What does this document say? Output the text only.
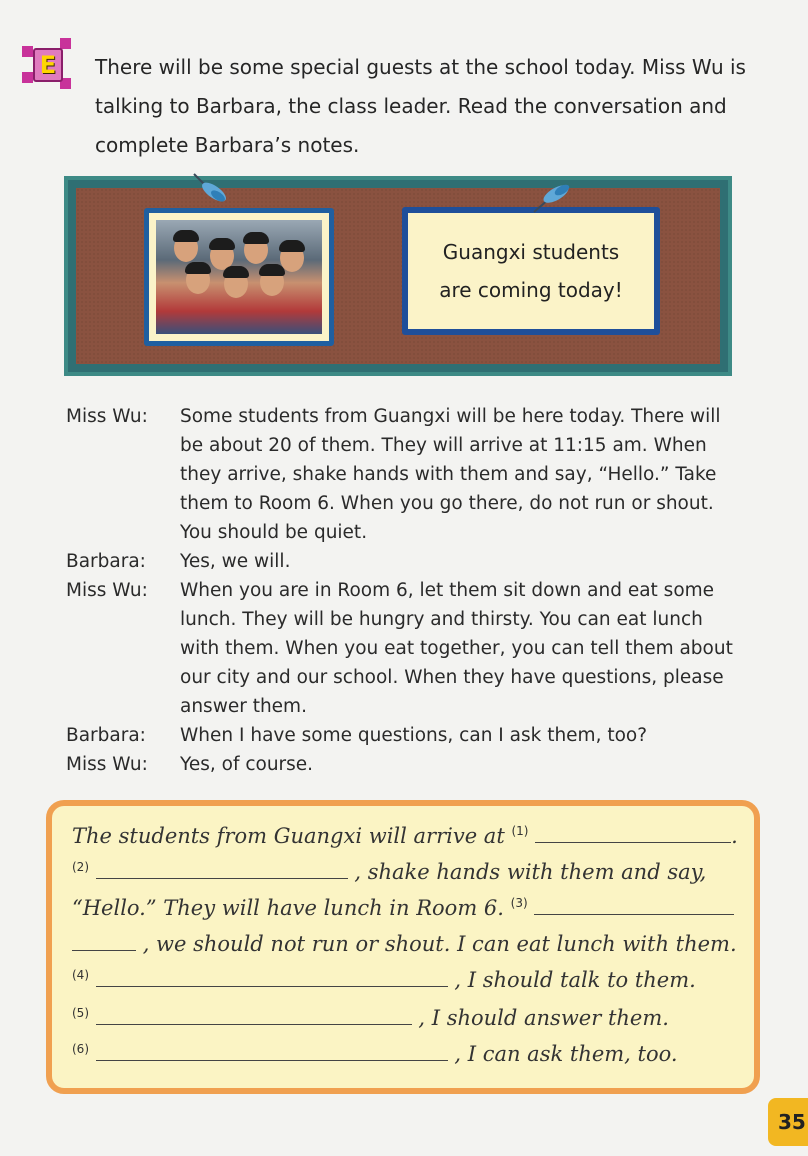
E	There will be some special guests at the school today. Miss Wu is talking to Barbara, the class leader. Read the conversation and complete Barbara’s notes.

Guangxi students
are coming today!
Miss Wu:	Some students from Guangxi will be here today. There will be about 20 of them. They will arrive at 11:15 am. When they arrive, shake hands with them and say, “Hello.” Take them to Room 6. When you go there, do not run or shout. You should be quiet.
Barbara:	Yes, we will.
Miss Wu:	When you are in Room 6, let them sit down and eat some lunch. They will be hungry and thirsty. You can eat lunch with them. When you eat together, you can tell them about our city and our school. When they have questions, please answer them.
Barbara:	When I have some questions, can I ask them, too?
Miss Wu:	Yes, of course.
The students from Guangxi will arrive at $^{(1)}$	.
$^{(2)}$	, shake hands with them and say,
“Hello.” They will have lunch in Room 6. $^{(3)}$
, we should not run or shout. I can eat lunch with them.
$^{(4)}$	, I should talk to them.
$^{(5)}$	, I should answer them.
$^{(6)}$	, I can ask them, too.
35
